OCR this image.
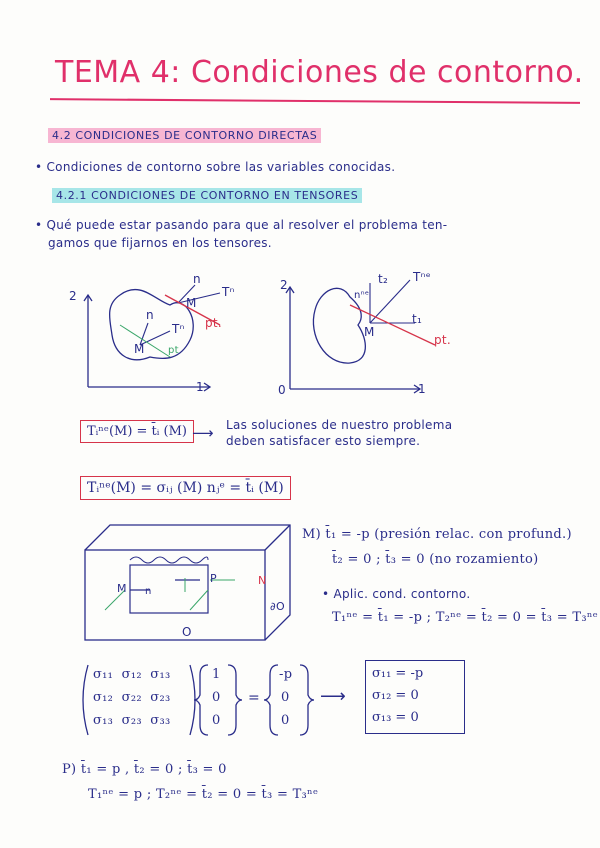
TEMA 4: Condiciones de contorno.
4.2 CONDICIONES DE CONTORNO DIRECTAS
• Condiciones de contorno sobre las variables conocidas.
4.2.1 CONDICIONES DE CONTORNO EN TENSORES
• Qué puede estar pasando para que al resolver el problema ten-
gamos que fijarnos en los tensores.
2
1
n
Tⁿ
M
n
Tⁿ
M
pt.
pt
2
1
0
t₂ Tⁿᵉ
nⁿᵉ
t₁
M
pt.
Tᵢⁿᵉ(M) = t̄ᵢ (M) ⟶ Las soluciones de nuestro problema
deben satisfacer esto siempre.
Tᵢⁿᵉ(M) = σᵢⱼ (M) nⱼᵉ = t̄ᵢ (M)
M
P	N
∂O
O
n
M) t̄₁ = -p (presión relac. con profund.)
t̄₂ = 0 ; t̄₃ = 0 (no rozamiento)
• Aplic. cond. contorno.
T₁ⁿᵉ = t̄₁ = -p ; T₂ⁿᵉ = t̄₂ = 0 = t̄₃ = T₃ⁿᵉ
σ₁₁ σ₁₂ σ₁₃
σ₁₂ σ₂₂ σ₂₃
σ₁₃ σ₂₃ σ₃₃
1
0
0
=
-p
0
0
⟶
σ₁₁ = -p
σ₁₂ = 0
σ₁₃ = 0
P) t̄₁ = p , t̄₂ = 0 ; t̄₃ = 0
T₁ⁿᵉ = p ; T₂ⁿᵉ = t̄₂ = 0 = t̄₃ = T₃ⁿᵉ
